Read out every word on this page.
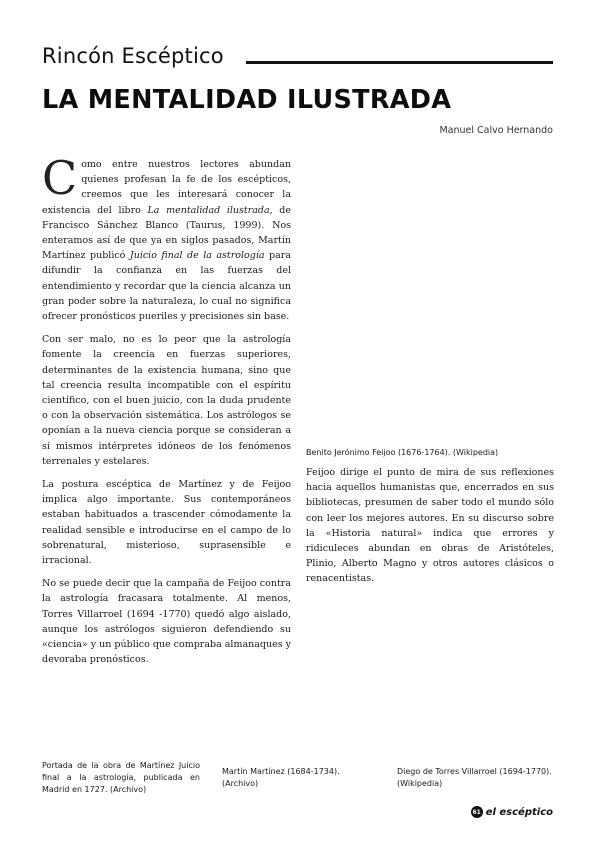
Rincón Escéptico
LA MENTALIDAD ILUSTRADA
Manuel Calvo Hernando

Como entre nuestros lectores abundan quienes profesan la fe de los escépticos, creemos que les interesará conocer la existencia del libro La mentalidad ilustrada, de Francisco Sánchez Blanco (Taurus, 1999). Nos enteramos así de que ya en siglos pasados, Martín Martínez publicó Juicio final de la astrología para difundir la confianza en las fuerzas del entendimiento y recordar que la ciencia alcanza un gran poder sobre la naturaleza, lo cual no significa ofrecer pronósticos pueriles y precisiones sin base.

Con ser malo, no es lo peor que la astrología fomente la creencia en fuerzas superiores, determinantes de la existencia humana, sino que tal creencia resulta incompatible con el espíritu científico, con el buen juicio, con la duda prudente o con la observación sistemática. Los astrólogos se oponían a la nueva ciencia porque se consideran a sí mismos intérpretes idóneos de los fenómenos terrenales y estelares.

La postura escéptica de Martínez y de Feijoo implica algo importante. Sus contemporáneos estaban habituados a trascender cómodamente la realidad sensible e introducirse en el campo de lo sobrenatural, misterioso, suprasensible e irracional.

No se puede decir que la campaña de Feijoo contra la astrología fracasara totalmente. Al menos, Torres Villarroel (1694 -1770) quedó algo aislado, aunque los astrólogos siguieron defendiendo su «ciencia» y un público que compraba almanaques y devoraba pronósticos.

Benito Jerónimo Feijoo (1676-1764). (Wikipedia)

Feijoo dirige el punto de mira de sus reflexiones hacia aquellos humanistas que, encerrados en sus bibliotecas, presumen de saber todo el mundo sólo con leer los mejores autores. En su discurso sobre la «Historia natural» indica que errores y ridiculeces abundan en obras de Aristóteles, Plinio, Alberto Magno y otros autores clásicos o renacentistas.

Portada de la obra de Martínez Juicio final a la astrología, publicada en Madrid en 1727. (Archivo)
Martín Martínez (1684-1734). (Archivo)
Diego de Torres Villarroel (1694-1770). (Wikipedia)
61 el escéptico
